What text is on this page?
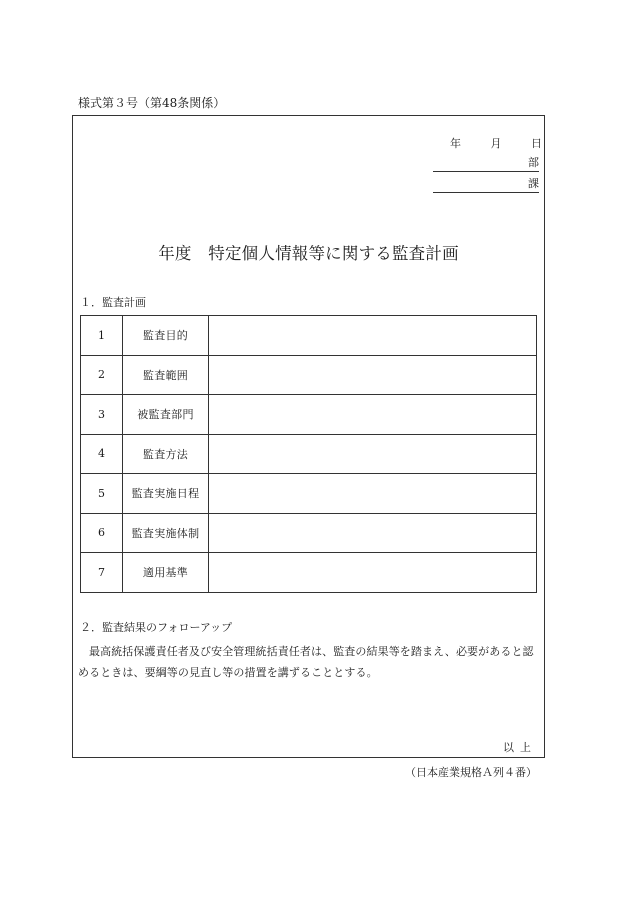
様式第３号（第48条関係）
年	月	日
部
課
年度　特定個人情報等に関する監査計画
１．監査計画
1	監査目的	
2	監査範囲	
3	被監査部門	
4	監査方法	
5	監査実施日程	
6	監査実施体制	
7	適用基準	
２．監査結果のフォローアップ
最高統括保護責任者及び安全管理統括責任者は、監査の結果等を踏まえ、必要があると認めるときは、要綱等の見直し等の措置を講ずることとする。
以上
（日本産業規格Ａ列４番）
